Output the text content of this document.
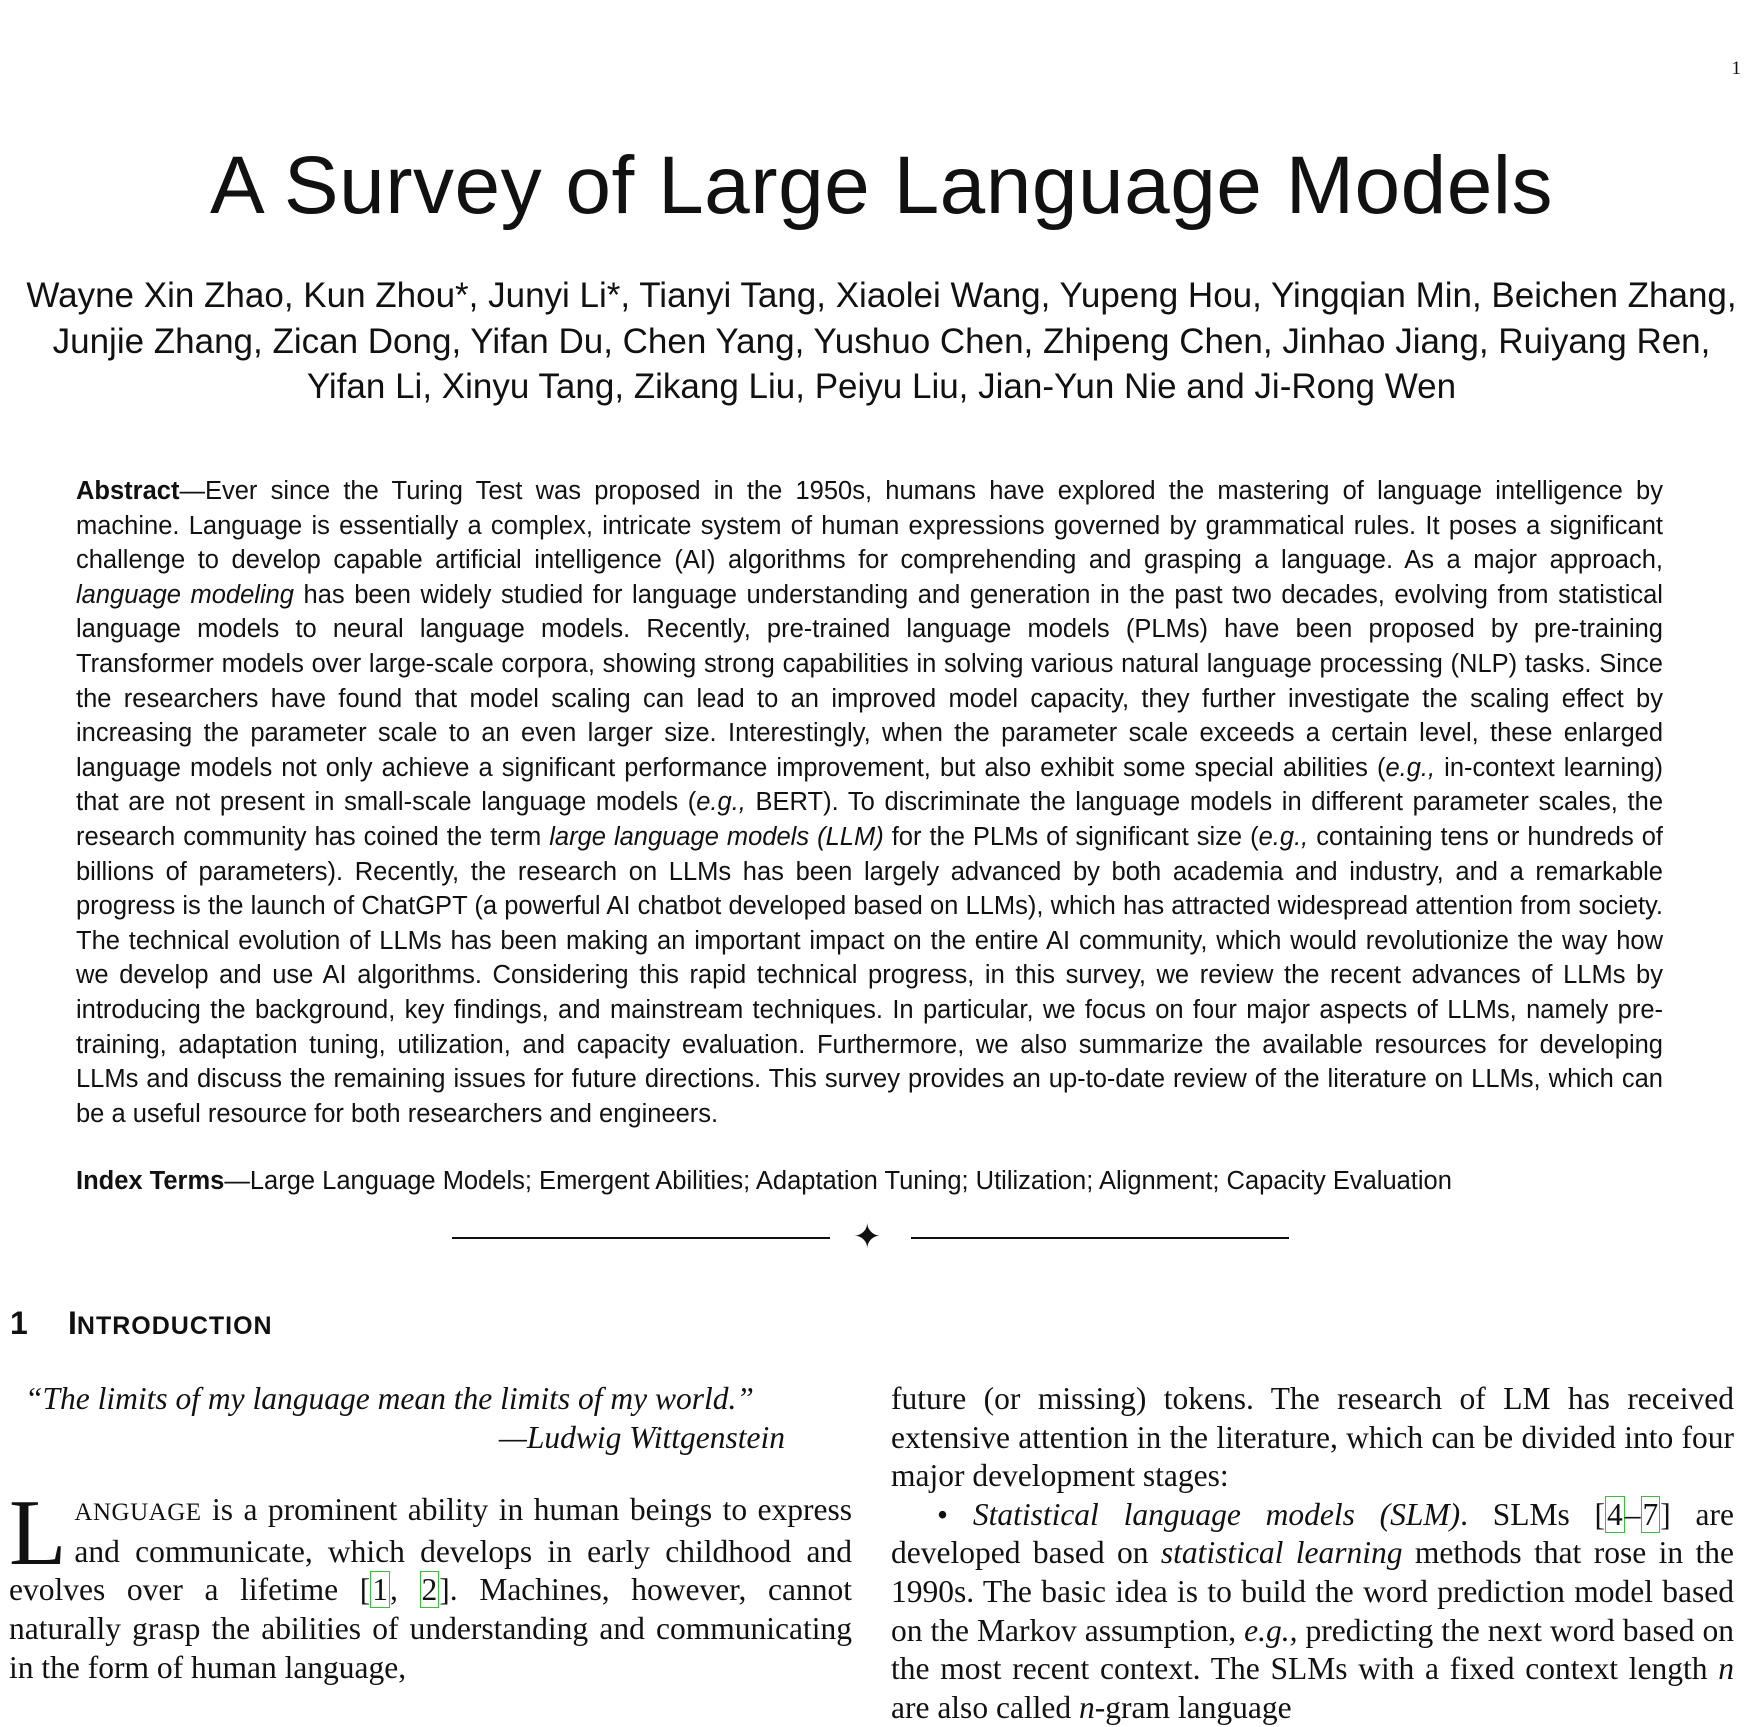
1
A Survey of Large Language Models
Wayne Xin Zhao, Kun Zhou*, Junyi Li*, Tianyi Tang, Xiaolei Wang, Yupeng Hou, Yingqian Min, Beichen Zhang, Junjie Zhang, Zican Dong, Yifan Du, Chen Yang, Yushuo Chen, Zhipeng Chen, Jinhao Jiang, Ruiyang Ren, Yifan Li, Xinyu Tang, Zikang Liu, Peiyu Liu, Jian-Yun Nie and Ji-Rong Wen

Abstract—Ever since the Turing Test was proposed in the 1950s, humans have explored the mastering of language intelligence by machine. Language is essentially a complex, intricate system of human expressions governed by grammatical rules. It poses a significant challenge to develop capable artificial intelligence (AI) algorithms for comprehending and grasping a language. As a major approach, language modeling has been widely studied for language understanding and generation in the past two decades, evolving from statistical language models to neural language models. Recently, pre-trained language models (PLMs) have been proposed by pre-training Transformer models over large-scale corpora, showing strong capabilities in solving various natural language processing (NLP) tasks. Since the researchers have found that model scaling can lead to an improved model capacity, they further investigate the scaling effect by increasing the parameter scale to an even larger size. Interestingly, when the parameter scale exceeds a certain level, these enlarged language models not only achieve a significant performance improvement, but also exhibit some special abilities (e.g., in-context learning) that are not present in small-scale language models (e.g., BERT). To discriminate the language models in different parameter scales, the research community has coined the term large language models (LLM) for the PLMs of significant size (e.g., containing tens or hundreds of billions of parameters). Recently, the research on LLMs has been largely advanced by both academia and industry, and a remarkable progress is the launch of ChatGPT (a powerful AI chatbot developed based on LLMs), which has attracted widespread attention from society. The technical evolution of LLMs has been making an important impact on the entire AI community, which would revolutionize the way how we develop and use AI algorithms. Considering this rapid technical progress, in this survey, we review the recent advances of LLMs by introducing the background, key findings, and mainstream techniques. In particular, we focus on four major aspects of LLMs, namely pre-training, adaptation tuning, utilization, and capacity evaluation. Furthermore, we also summarize the available resources for developing LLMs and discuss the remaining issues for future directions. This survey provides an up-to-date review of the literature on LLMs, which can be a useful resource for both researchers and engineers.

Index Terms—Large Language Models; Emergent Abilities; Adaptation Tuning; Utilization; Alignment; Capacity Evaluation

✦
1 INTRODUCTION
“The limits of my language mean the limits of my world.”
—Ludwig Wittgenstein
LANGUAGE is a prominent ability in human beings to express and communicate, which develops in early childhood and evolves over a lifetime [1, 2]. Machines, however, cannot naturally grasp the abilities of understanding and communicating in the form of human language,

future (or missing) tokens. The research of LM has received extensive attention in the literature, which can be divided into four major development stages:

• Statistical language models (SLM). SLMs [4–7] are developed based on statistical learning methods that rose in the 1990s. The basic idea is to build the word prediction model based on the Markov assumption, e.g., predicting the next word based on the most recent context. The SLMs with a fixed context length n are also called n-gram language
